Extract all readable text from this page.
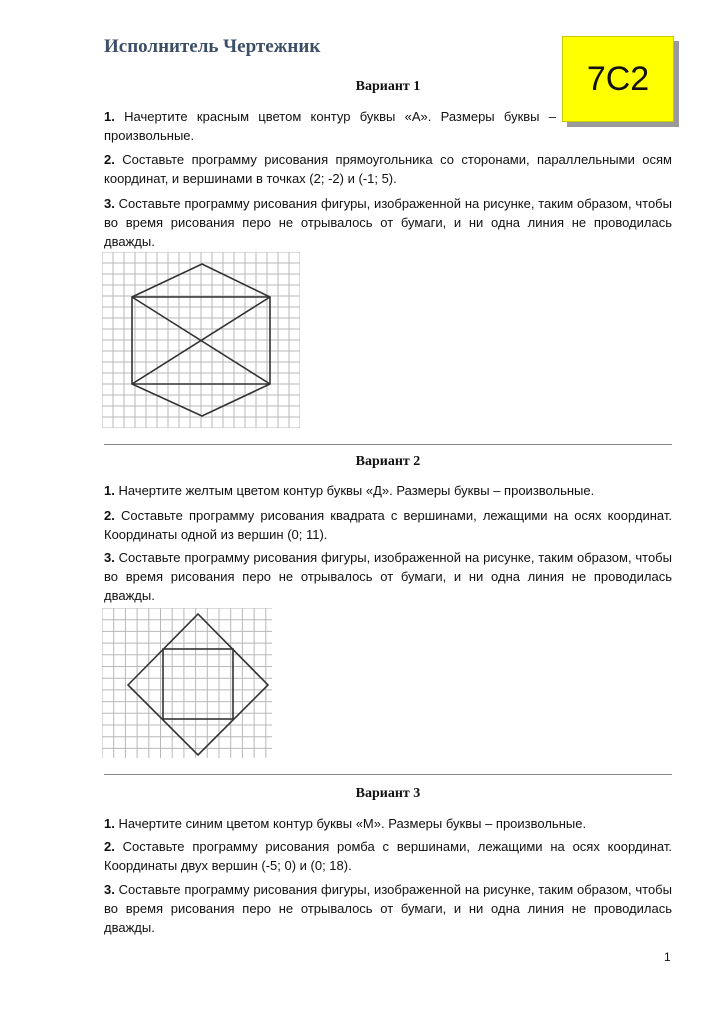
Исполнитель Чертежник
7С2
Вариант 1
1. Начертите красным цветом контур буквы «А». Размеры буквы – произвольные.
2. Составьте программу рисования прямоугольника со сторонами, параллельными осям координат, и вершинами в точках (2; -2) и (-1; 5).
3. Составьте программу рисования фигуры, изображенной на рисунке, таким образом, чтобы во время рисования перо не отрывалось от бумаги, и ни одна линия не проводилась дважды.
Вариант 2
1. Начертите желтым цветом контур буквы «Д». Размеры буквы – произвольные.
2. Составьте программу рисования квадрата с вершинами, лежащими на осях координат. Координаты одной из вершин (0; 11).
3. Составьте программу рисования фигуры, изображенной на рисунке, таким образом, чтобы во время рисования перо не отрывалось от бумаги, и ни одна линия не проводилась дважды.
Вариант 3
1. Начертите синим цветом контур буквы «М». Размеры буквы – произвольные.
2. Составьте программу рисования ромба с вершинами, лежащими на осях координат. Координаты двух вершин (-5; 0) и (0; 18).
3. Составьте программу рисования фигуры, изображенной на рисунке, таким образом, чтобы во время рисования перо не отрывалось от бумаги, и ни одна линия не проводилась дважды.
1
